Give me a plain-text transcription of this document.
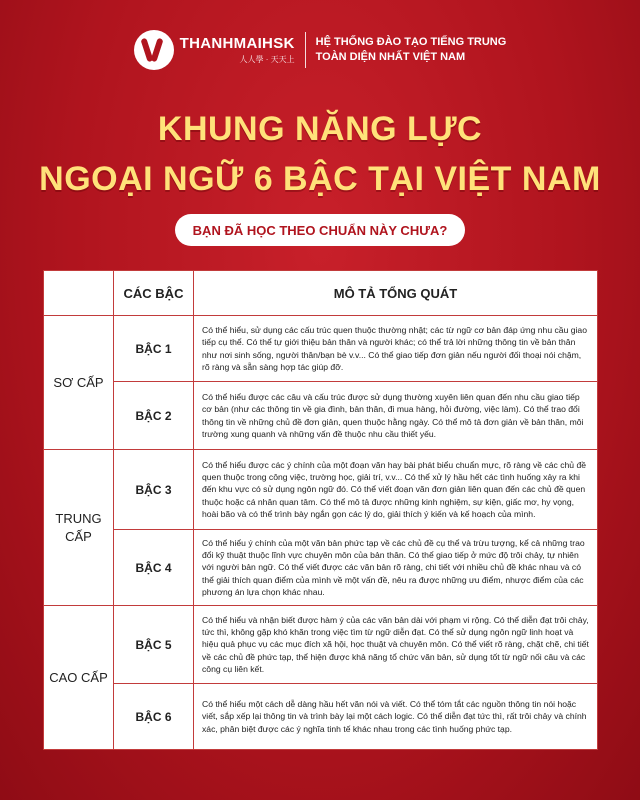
THANHMAIHSK
人人學 · 天天上
HỆ THỐNG ĐÀO TẠO TIẾNG TRUNG
TOÀN DIỆN NHẤT VIỆT NAM
KHUNG NĂNG LỰC
NGOẠI NGỮ 6 BẬC TẠI VIỆT NAM
BẠN ĐÃ HỌC THEO CHUẨN NÀY CHƯA?
	CÁC BẬC	MÔ TẢ TỔNG QUÁT
SƠ CẤP	BẬC 1	Có thể hiểu, sử dụng các cấu trúc quen thuộc thường nhật; các từ ngữ cơ bản đáp ứng nhu cầu giao tiếp cụ thể. Có thể tự giới thiệu bản thân và người khác; có thể trả lời những thông tin về bản thân như nơi sinh sống, người thân/bạn bè v.v... Có thể giao tiếp đơn giản nếu người đối thoại nói chậm, rõ ràng và sẵn sàng hợp tác giúp đỡ.
	BẬC 2	Có thể hiểu được các câu và cấu trúc được sử dụng thường xuyên liên quan đến nhu cầu giao tiếp cơ bản (như các thông tin về gia đình, bản thân, đi mua hàng, hỏi đường, việc làm). Có thể trao đổi thông tin về những chủ đề đơn giản, quen thuộc hằng ngày. Có thể mô tả đơn giản về bản thân, môi trường xung quanh và những vấn đề thuộc nhu cầu thiết yếu.
TRUNG CẤP	BẬC 3	Có thể hiểu được các ý chính của một đoạn văn hay bài phát biểu chuẩn mực, rõ ràng về các chủ đề quen thuộc trong công việc, trường học, giải trí, v.v... Có thể xử lý hầu hết các tình huống xảy ra khi đến khu vực có sử dụng ngôn ngữ đó. Có thể viết đoạn văn đơn giản liên quan đến các chủ đề quen thuộc hoặc cá nhân quan tâm. Có thể mô tả được những kinh nghiệm, sự kiện, giấc mơ, hy vọng, hoài bão và có thể trình bày ngắn gọn các lý do, giải thích ý kiến và kế hoạch của mình.
	BẬC 4	Có thể hiểu ý chính của một văn bản phức tạp về các chủ đề cụ thể và trừu tượng, kể cả những trao đổi kỹ thuật thuộc lĩnh vực chuyên môn của bản thân. Có thể giao tiếp ở mức độ trôi chảy, tự nhiên với người bản ngữ. Có thể viết được các văn bản rõ ràng, chi tiết với nhiều chủ đề khác nhau và có thể giải thích quan điểm của mình về một vấn đề, nêu ra được những ưu điểm, nhược điểm của các phương án lựa chọn khác nhau.
CAO CẤP	BẬC 5	Có thể hiểu và nhận biết được hàm ý của các văn bản dài với phạm vi rộng. Có thể diễn đạt trôi chảy, tức thì, không gặp khó khăn trong việc tìm từ ngữ diễn đạt. Có thể sử dụng ngôn ngữ linh hoạt và hiệu quả phục vụ các mục đích xã hội, học thuật và chuyên môn. Có thể viết rõ ràng, chặt chẽ, chi tiết về các chủ đề phức tạp, thể hiện được khả năng tổ chức văn bản, sử dụng tốt từ ngữ nối câu và các công cụ liên kết.
	BẬC 6	Có thể hiểu một cách dễ dàng hầu hết văn nói và viết. Có thể tóm tắt các nguồn thông tin nói hoặc viết, sắp xếp lại thông tin và trình bày lại một cách logic. Có thể diễn đạt tức thì, rất trôi chảy và chính xác, phân biệt được các ý nghĩa tinh tế khác nhau trong các tình huống phức tạp.
